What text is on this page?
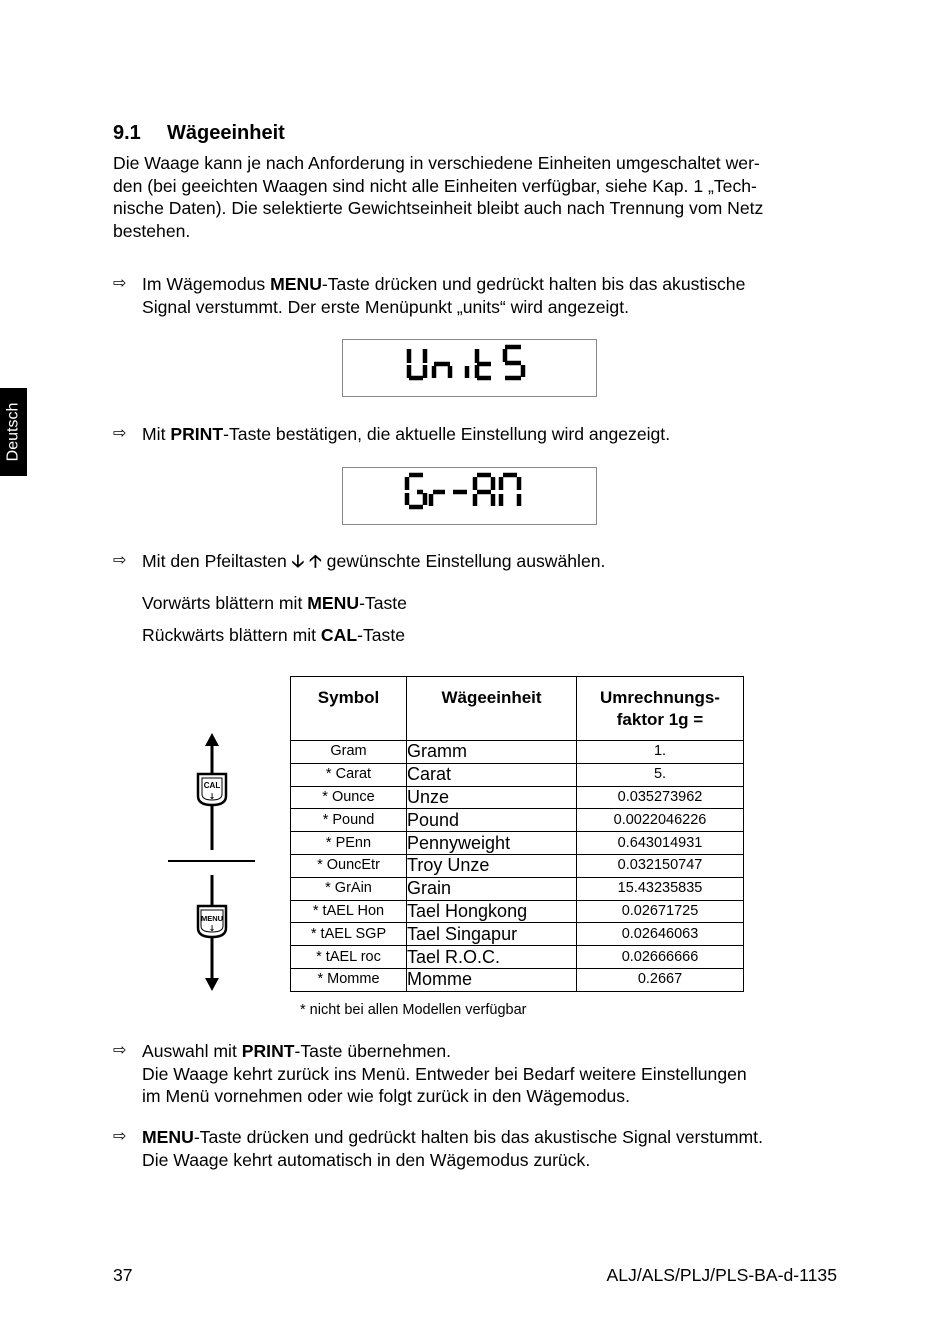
Deutsch
9.1 Wägeeinheit
Die Waage kann je nach Anforderung in verschiedene Einheiten umgeschaltet wer-
den (bei geeichten Waagen sind nicht alle Einheiten verfügbar, siehe Kap. 1 „Tech-
nische Daten). Die selektierte Gewichtseinheit bleibt auch nach Trennung vom Netz
bestehen.
⇨ Im Wägemodus MENU-Taste drücken und gedrückt halten bis das akustische
Signal verstummt. Der erste Menüpunkt „units“ wird angezeigt.
⇨ Mit PRINT-Taste bestätigen, die aktuelle Einstellung wird angezeigt.
⇨ Mit den Pfeiltasten 🡣 🡡 gewünschte Einstellung auswählen.
Vorwärts blättern mit MENU-Taste
Rückwärts blättern mit CAL-Taste
CAL
↓
MENU
↓
Symbol	Wägeeinheit	Umrechnungs-
faktor 1g =

Gram	Gramm	1.
* Carat	Carat	5.
* Ounce	Unze	0.035273962
* Pound	Pound	0.0022046226
* PEnn	Pennyweight	0.643014931
* OuncEtr	Troy Unze	0.032150747
* GrAin	Grain	15.43235835
* tAEL Hon	Tael Hongkong	0.02671725
* tAEL SGP	Tael Singapur	0.02646063
* tAEL roc	Tael R.O.C.	0.02666666
* Momme	Momme	0.2667
* nicht bei allen Modellen verfügbar
⇨ Auswahl mit PRINT-Taste übernehmen.
Die Waage kehrt zurück ins Menü. Entweder bei Bedarf weitere Einstellungen
im Menü vornehmen oder wie folgt zurück in den Wägemodus.
⇨ MENU-Taste drücken und gedrückt halten bis das akustische Signal verstummt.
Die Waage kehrt automatisch in den Wägemodus zurück.
37	ALJ/ALS/PLJ/PLS-BA-d-1135
